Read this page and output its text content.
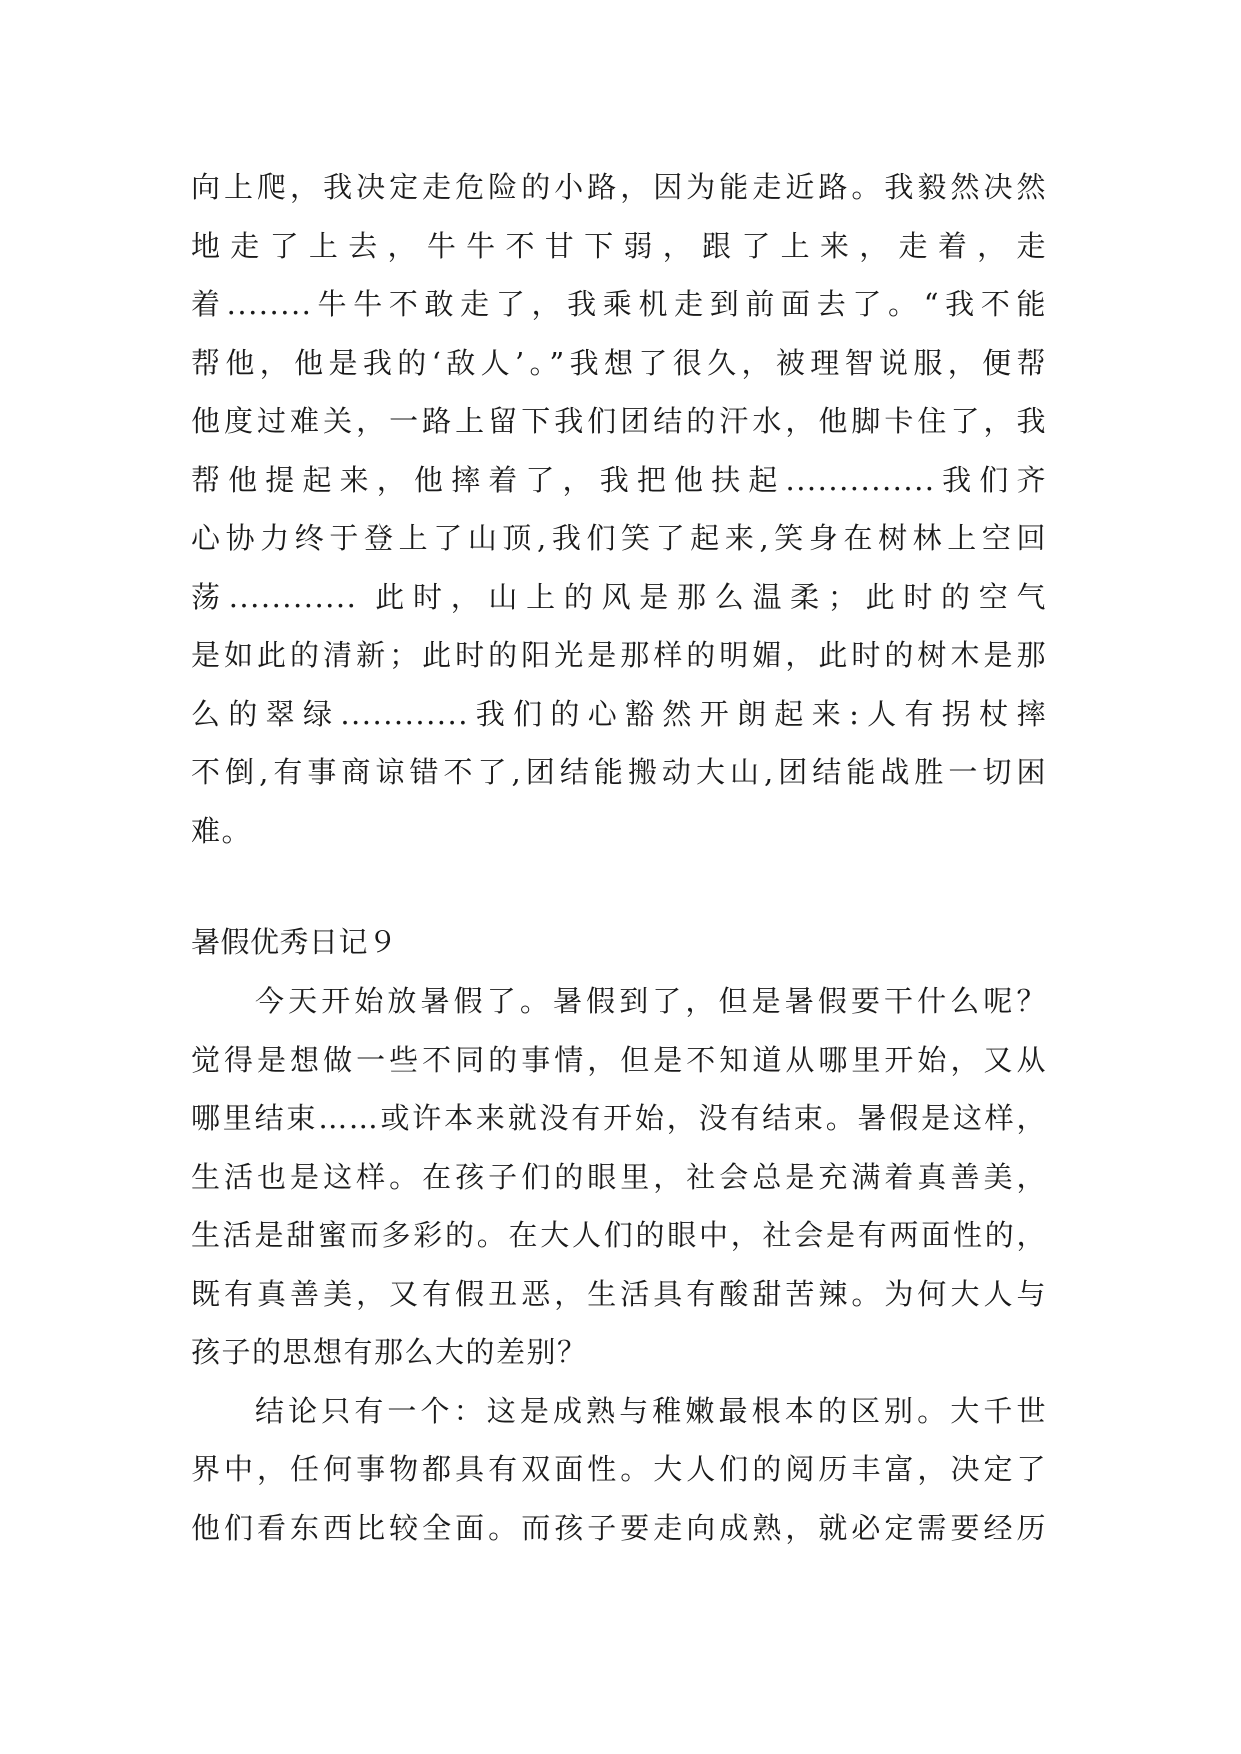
向上爬，我决定走危险的小路，因为能走近路。我毅然决然
地走了上去，牛牛不甘下弱，跟了上来，走着，走
着........牛牛不敢走了，我乘机走到前面去了。“我不能
帮他，他是我的‘敌人’。”我想了很久，被理智说服，便帮
他度过难关，一路上留下我们团结的汗水，他脚卡住了，我
帮他提起来，他摔着了，我把他扶起..............我们齐
心协力终于登上了山顶,我们笑了起来,笑身在树林上空回
荡............ 此时，山上的风是那么温柔；此时的空气
是如此的清新；此时的阳光是那样的明媚，此时的树木是那
么的翠绿............我们的心豁然开朗起来:人有拐杖摔
不倒,有事商谅错不了,团结能搬动大山,团结能战胜一切困
难。
暑假优秀日记９
今天开始放暑假了。暑假到了，但是暑假要干什么呢？
觉得是想做一些不同的事情，但是不知道从哪里开始，又从
哪里结束……或许本来就没有开始，没有结束。暑假是这样，
生活也是这样。在孩子们的眼里，社会总是充满着真善美，
生活是甜蜜而多彩的。在大人们的眼中，社会是有两面性的，
既有真善美，又有假丑恶，生活具有酸甜苦辣。为何大人与
孩子的思想有那么大的差别？
结论只有一个：这是成熟与稚嫩最根本的区别。大千世
界中，任何事物都具有双面性。大人们的阅历丰富，决定了
他们看东西比较全面。而孩子要走向成熟，就必定需要经历
